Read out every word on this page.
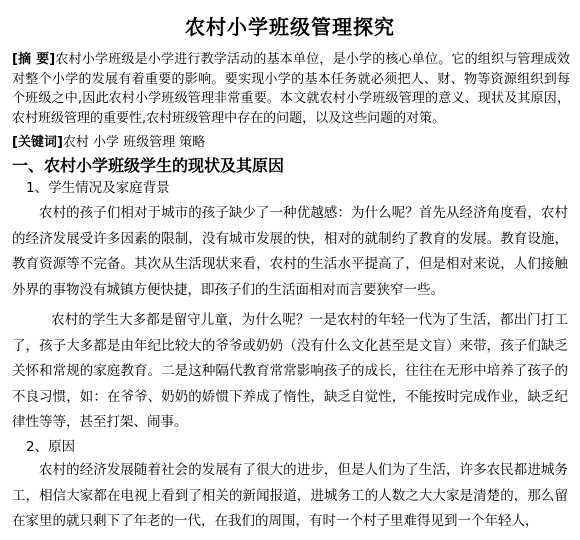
农村小学班级管理探究
[摘 要]农村小学班级是小学进行教学活动的基本单位，是小学的核心单位。它的组织与管理成效对整个小学的发展有着重要的影响。要实现小学的基本任务就必须把人、财、物等资源组织到每个班级之中,因此农村小学班级管理非常重要。本文就农村小学班级管理的意义、现状及其原因，农村班级管理的重要性,农村班级管理中存在的问题，以及这些问题的对策。
[关键词]农村 小学 班级管理 策略
一、农村小学班级学生的现状及其原因
1、学生情况及家庭背景
农村的孩子们相对于城市的孩子缺少了一种优越感：为什么呢？首先从经济角度看，农村的经济发展受许多因素的限制，没有城市发展的快，相对的就制约了教育的发展。教育设施，教育资源等不完备。其次从生活现状来看，农村的生活水平提高了，但是相对来说，人们接触外界的事物没有城镇方便快捷，即孩子们的生活面相对而言要狭窄一些。
农村的学生大多都是留守儿童，为什么呢？一是农村的年轻一代为了生活，都出门打工了，孩子大多都是由年纪比较大的爷爷或奶奶（没有什么文化甚至是文盲）来带，孩子们缺乏关怀和常规的家庭教育。二是这种隔代教育常常影响孩子的成长，往往在无形中培养了孩子的不良习惯，如：在爷爷、奶奶的娇惯下养成了惰性，缺乏自觉性，不能按时完成作业，缺乏纪律性等等，甚至打架、闹事。
2、原因
农村的经济发展随着社会的发展有了很大的进步，但是人们为了生活，许多农民都进城务工，相信大家都在电视上看到了相关的新闻报道，进城务工的人数之大大家是清楚的，那么留在家里的就只剩下了年老的一代，在我们的周围，有时一个村子里难得见到一个年轻人，
